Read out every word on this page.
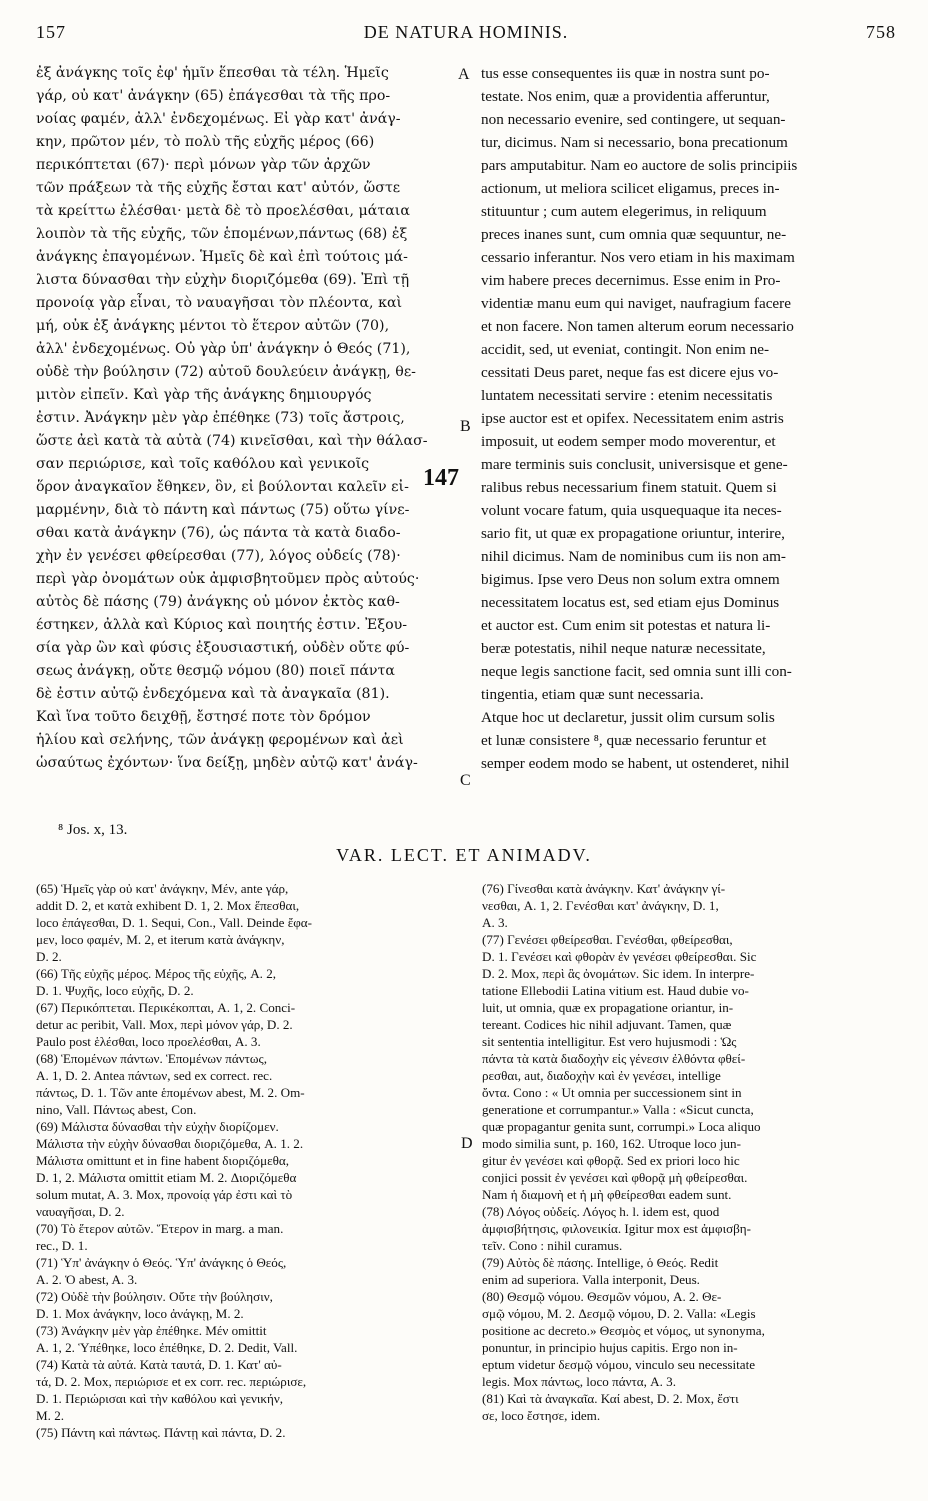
157	DE NATURA HOMINIS.	758
ἐξ ἀνάγκης τοῖς ἐφ' ἡμῖν ἕπεσθαι τὰ τέλη. Ἡμεῖς
γάρ, οὐ κατ' ἀνάγκην (65) ἐπάγεσθαι τὰ τῆς προ-
νοίας φαμέν, ἀλλ' ἐνδεχομένως. Εἰ γὰρ κατ' ἀνάγ-
κην, πρῶτον μέν, τὸ πολὺ τῆς εὐχῆς μέρος (66)
περικόπτεται (67)· περὶ μόνων γὰρ τῶν ἀρχῶν
τῶν πράξεων τὰ τῆς εὐχῆς ἔσται κατ' αὐτόν, ὥστε
τὰ κρείττω ἐλέσθαι· μετὰ δὲ τὸ προελέσθαι, μάταια
λοιπὸν τὰ τῆς εὐχῆς, τῶν ἑπομένων,πάντως (68) ἐξ
ἀνάγκης ἐπαγομένων. Ἡμεῖς δὲ καὶ ἐπὶ τούτοις μά-
λιστα δύνασθαι τὴν εὐχὴν διοριζόμεθα (69). Ἐπὶ τῇ
προνοίᾳ γὰρ εἶναι, τὸ ναυαγῆσαι τὸν πλέοντα, καὶ
μή, οὐκ ἐξ ἀνάγκης μέντοι τὸ ἕτερον αὐτῶν (70),
ἀλλ' ἐνδεχομένως. Οὐ γὰρ ὑπ' ἀνάγκην ὁ Θεός (71),
οὐδὲ τὴν βούλησιν (72) αὐτοῦ δουλεύειν ἀνάγκῃ, θε-
μιτὸν εἰπεῖν. Καὶ γὰρ τῆς ἀνάγκης δημιουργός
ἐστιν. Ἀνάγκην μὲν γὰρ ἐπέθηκε (73) τοῖς ἄστροις,
ὥστε ἀεὶ κατὰ τὰ αὐτὰ (74) κινεῖσθαι, καὶ τὴν θάλασ-
σαν περιώρισε, καὶ τοῖς καθόλου καὶ γενικοῖς
ὅρον ἀναγκαῖον ἔθηκεν, ὃν, εἰ βούλονται καλεῖν εἰ-
μαρμένην, διὰ τὸ πάντη καὶ πάντως (75) οὕτω γίνε-
σθαι κατὰ ἀνάγκην (76), ὡς πάντα τὰ κατὰ διαδο-
χὴν ἐν γενέσει φθείρεσθαι (77), λόγος οὐδείς (78)·
περὶ γὰρ ὀνομάτων οὐκ ἀμφισβητοῦμεν πρὸς αὐτούς·
αὐτὸς δὲ πάσης (79) ἀνάγκης οὐ μόνον ἐκτὸς καθ-
έστηκεν, ἀλλὰ καὶ Κύριος καὶ ποιητής ἐστιν. Ἐξου-
σία γὰρ ὢν καὶ φύσις ἐξουσιαστική, οὐδὲν οὔτε φύ-
σεως ἀνάγκῃ, οὔτε θεσμῷ νόμου (80) ποιεῖ πάντα
δὲ ἐστιν αὐτῷ ἐνδεχόμενα καὶ τὰ ἀναγκαῖα (81).
Καὶ ἵνα τοῦτο δειχθῇ, ἔστησέ ποτε τὸν δρόμον
ἡλίου καὶ σελήνης, τῶν ἀνάγκῃ φερομένων καὶ ἀεὶ
ὡσαύτως ἐχόντων· ἵνα δείξῃ, μηδὲν αὐτῷ κατ' ἀνάγ-
tus esse consequentes iis quæ in nostra sunt po-
testate. Nos enim, quæ a providentia afferuntur,
non necessario evenire, sed contingere, ut sequan-
tur, dicimus. Nam si necessario, bona precationum
pars amputabitur. Nam eo auctore de solis principiis
actionum, ut meliora scilicet eligamus, preces in-
stituuntur ; cum autem elegerimus, in reliquum
preces inanes sunt, cum omnia quæ sequuntur, ne-
cessario inferantur. Nos vero etiam in his maximam
vim habere preces decernimus. Esse enim in Pro-
videntiæ manu eum qui naviget, naufragium facere
et non facere. Non tamen alterum eorum necessario
accidit, sed, ut eveniat, contingit. Non enim ne-
cessitati Deus paret, neque fas est dicere ejus vo-
luntatem necessitati servire : etenim necessitatis
ipse auctor est et opifex. Necessitatem enim astris
imposuit, ut eodem semper modo moverentur, et
mare terminis suis conclusit, universisque et gene-
ralibus rebus necessarium finem statuit. Quem si
volunt vocare fatum, quia usquequaque ita neces-
sario fit, ut quæ ex propagatione oriuntur, interire,
nihil dicimus. Nam de nominibus cum iis non am-
bigimus. Ipse vero Deus non solum extra omnem
necessitatem locatus est, sed etiam ejus Dominus
et auctor est. Cum enim sit potestas et natura li-
beræ potestatis, nihil neque naturæ necessitate,
neque legis sanctione facit, sed omnia sunt illi con-
tingentia, etiam quæ sunt necessaria.
Atque hoc ut declaretur, jussit olim cursum solis
et lunæ consistere ⁸, quæ necessario feruntur et
semper eodem modo se habent, ut ostenderet, nihil
A
B
C
D
147
⁸ Jos. x, 13.
VAR. LECT. ET ANIMADV.
(65) Ἡμεῖς γὰρ οὐ κατ' ἀνάγκην, Μέν, ante γάρ,
addit D. 2, et κατὰ exhibent D. 1, 2. Mox ἕπεσθαι,
loco ἐπάγεσθαι, D. 1. Sequi, Con., Vall. Deinde ἔφα-
μεν, loco φαμέν, M. 2, et iterum κατὰ ἀνάγκην,
D. 2.
(66) Τῆς εὐχῆς μέρος. Μέρος τῆς εὐχῆς, A. 2,
D. 1. Ψυχῆς, loco εὐχῆς, D. 2.
(67) Περικόπτεται. Περικέκοπται, A. 1, 2. Conci-
detur ac peribit, Vall. Mox, περὶ μόνον γάρ, D. 2.
Paulo post ἑλέσθαι, loco προελέσθαι, A. 3.
(68) Ἑπομένων πάντων. Ἑπομένων πάντως,
A. 1, D. 2. Antea πάντων, sed ex correct. rec.
πάντως, D. 1. Τῶν ante ἑπομένων abest, M. 2. Om-
nino, Vall. Πάντως abest, Con.
(69) Μάλιστα δύνασθαι τὴν εὐχὴν διορίζομεν.
Μάλιστα τὴν εὐχὴν δύνασθαι διοριζόμεθα, A. 1. 2.
Μάλιστα omittunt et in fine habent διοριζόμεθα,
D. 1, 2. Μάλιστα omittit etiam M. 2. Διοριζόμεθα
solum mutat, A. 3. Mox, προνοίᾳ γάρ ἐστι καὶ τὸ
ναυαγῆσαι, D. 2.
(70) Τὸ ἕτερον αὐτῶν. Ἕτερον in marg. a man.
rec., D. 1.
(71) Ὑπ' ἀνάγκην ὁ Θεός. Ὑπ' ἀνάγκης ὁ Θεός,
A. 2. Ὁ abest, A. 3.
(72) Οὐδὲ τὴν βούλησιν. Οὔτε τὴν βούλησιν,
D. 1. Mox ἀνάγκην, loco ἀνάγκῃ, M. 2.
(73) Ἀνάγκην μὲν γὰρ ἐπέθηκε. Μέν omittit
A. 1, 2. Ὑπέθηκε, loco ἐπέθηκε, D. 2. Dedit, Vall.
(74) Κατὰ τὰ αὐτά. Κατὰ ταυτά, D. 1. Κατ' αὐ-
τά, D. 2. Mox, περιώρισε et ex corr. rec. περιώρισε,
D. 1. Περιώρισαι καὶ τὴν καθόλου καὶ γενικήν,
M. 2.
(75) Πάντη καὶ πάντως. Πάντῃ καὶ πάντα, D. 2.
(76) Γίνεσθαι κατὰ ἀνάγκην. Κατ' ἀνάγκην γί-
νεσθαι, A. 1, 2. Γενέσθαι κατ' ἀνάγκην, D. 1,
A. 3.
(77) Γενέσει φθείρεσθαι. Γενέσθαι, φθείρεσθαι,
D. 1. Γενέσει καὶ φθορὰν ἐν γενέσει φθείρεσθαι. Sic
D. 2. Mox, περὶ ἃς ὀνομάτων. Sic idem. In interpre-
tatione Ellebodii Latina vitium est. Haud dubie vo-
luit, ut omnia, quæ ex propagatione oriantur, in-
tereant. Codices hic nihil adjuvant. Tamen, quæ
sit sententia intelligitur. Est vero hujusmodi : Ὡς
πάντα τὰ κατὰ διαδοχὴν εἰς γένεσιν ἐλθόντα φθεί-
ρεσθαι, aut, διαδοχὴν καὶ ἐν γενέσει, intellige
ὄντα. Cono : « Ut omnia per successionem sint in
generatione et corrumpantur.» Valla : «Sicut cuncta,
quæ propagantur genita sunt, corrumpi.» Loca aliquo
modo similia sunt, p. 160, 162. Utroque loco jun-
gitur ἐν γενέσει καὶ φθορᾷ. Sed ex priori loco hic
conjici possit ἐν γενέσει καὶ φθορᾷ μὴ φθείρεσθαι.
Nam ἡ διαμονὴ et ἡ μὴ φθείρεσθαι eadem sunt.
(78) Λόγος οὐδείς. Λόγος h. l. idem est, quod
ἀμφισβήτησις, φιλονεικία. Igitur mox est ἀμφισβη-
τεῖν. Cono : nihil curamus.
(79) Αὐτὸς δὲ πάσης. Intellige, ὁ Θεός. Redit
enim ad superiora. Valla interponit, Deus.
(80) Θεσμῷ νόμου. Θεσμῶν νόμου, A. 2. Θε-
σμῷ νόμου, M. 2. Δεσμῷ νόμου, D. 2. Valla: «Legis
positione ac decreto.» Θεσμὸς et νόμος, ut synonyma,
ponuntur, in principio hujus capitis. Ergo non in-
eptum videtur δεσμῷ νόμου, vinculo seu necessitate
legis. Mox πάντως, loco πάντα, A. 3.
(81) Καὶ τὰ ἀναγκαῖα. Καί abest, D. 2. Mox, ἔστι
σε, loco ἔστησε, idem.
